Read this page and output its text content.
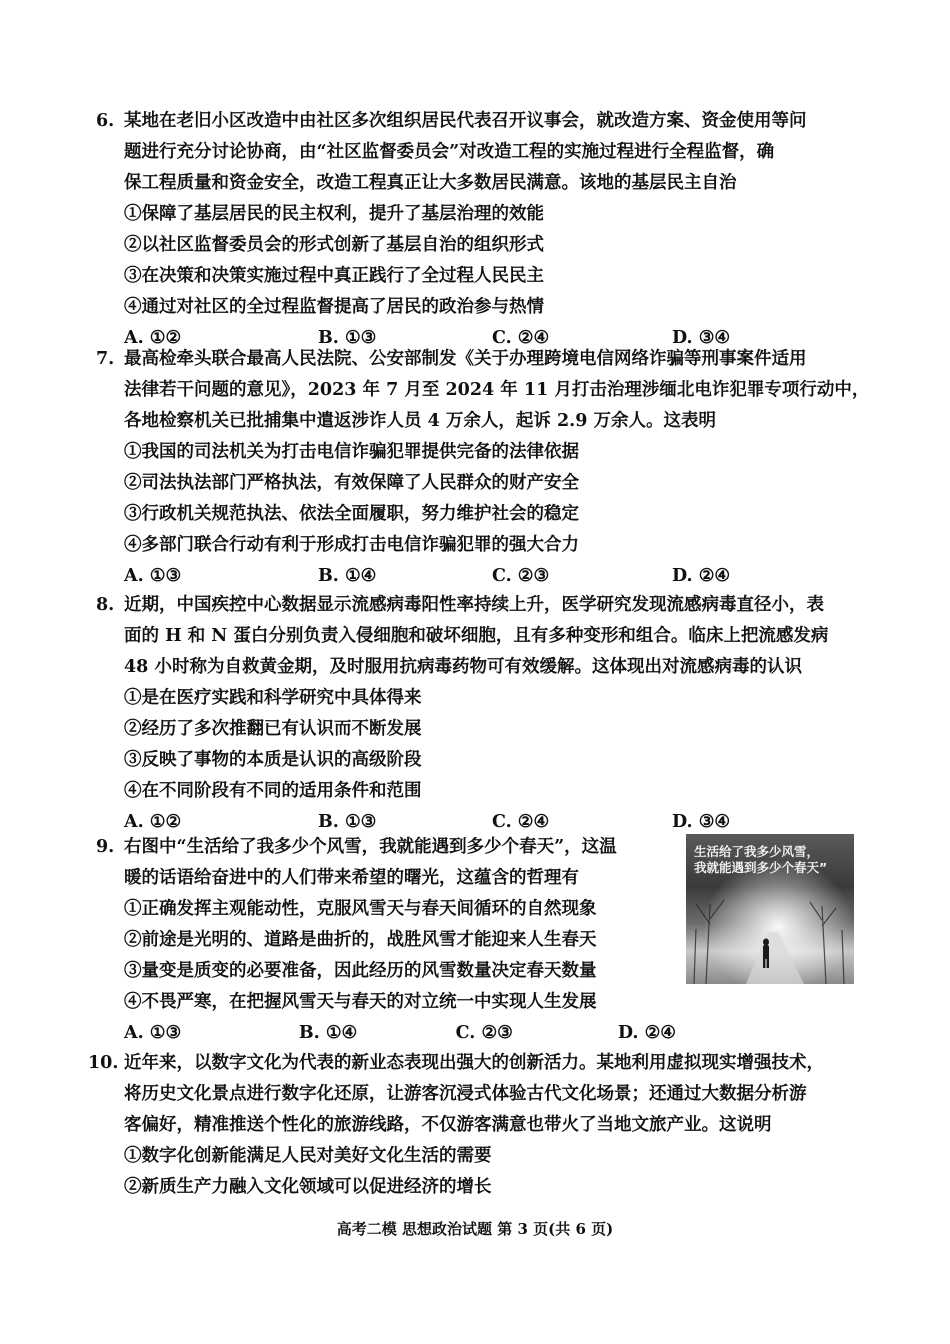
6. 某地在老旧小区改造中由社区多次组织居民代表召开议事会，就改造方案、资金使用等问
题进行充分讨论协商，由“社区监督委员会”对改造工程的实施过程进行全程监督，确
保工程质量和资金安全，改造工程真正让大多数居民满意。该地的基层民主自治
①保障了基层居民的民主权利，提升了基层治理的效能
②以社区监督委员会的形式创新了基层自治的组织形式
③在决策和决策实施过程中真正践行了全过程人民民主
④通过对社区的全过程监督提高了居民的政治参与热情
A. ①②	B. ①③	C. ②④	D. ③④
7. 最高检牵头联合最高人民法院、公安部制发《关于办理跨境电信网络诈骗等刑事案件适用
法律若干问题的意见》，2023 年 7 月至 2024 年 11 月打击治理涉缅北电诈犯罪专项行动中，
各地检察机关已批捕集中遣返涉诈人员 4 万余人，起诉 2.9 万余人。这表明
①我国的司法机关为打击电信诈骗犯罪提供完备的法律依据
②司法执法部门严格执法，有效保障了人民群众的财产安全
③行政机关规范执法、依法全面履职，努力维护社会的稳定
④多部门联合行动有利于形成打击电信诈骗犯罪的强大合力
A. ①③	B. ①④	C. ②③	D. ②④
8. 近期，中国疾控中心数据显示流感病毒阳性率持续上升，医学研究发现流感病毒直径小，表
面的 H 和 N 蛋白分别负责入侵细胞和破坏细胞，且有多种变形和组合。临床上把流感发病
48 小时称为自救黄金期，及时服用抗病毒药物可有效缓解。这体现出对流感病毒的认识
①是在医疗实践和科学研究中具体得来
②经历了多次推翻已有认识而不断发展
③反映了事物的本质是认识的高级阶段
④在不同阶段有不同的适用条件和范围
A. ①②	B. ①③	C. ②④	D. ③④
9. 右图中“生活给了我多少个风雪，我就能遇到多少个春天”，这温
暖的话语给奋进中的人们带来希望的曙光，这蕴含的哲理有
①正确发挥主观能动性，克服风雪天与春天间循环的自然现象
②前途是光明的、道路是曲折的，战胜风雪才能迎来人生春天
③量变是质变的必要准备，因此经历的风雪数量决定春天数量
④不畏严寒，在把握风雪天与春天的对立统一中实现人生发展
A. ①③	B. ①④	C. ②③	D. ②④
生活给了我多少风雪，
我就能遇到多少个春天”
10. 近年来，以数字文化为代表的新业态表现出强大的创新活力。某地利用虚拟现实增强技术，
将历史文化景点进行数字化还原，让游客沉浸式体验古代文化场景；还通过大数据分析游
客偏好，精准推送个性化的旅游线路，不仅游客满意也带火了当地文旅产业。这说明
①数字化创新能满足人民对美好文化生活的需要
②新质生产力融入文化领域可以促进经济的增长
高考二模 思想政治试题 第 3 页(共 6 页)
